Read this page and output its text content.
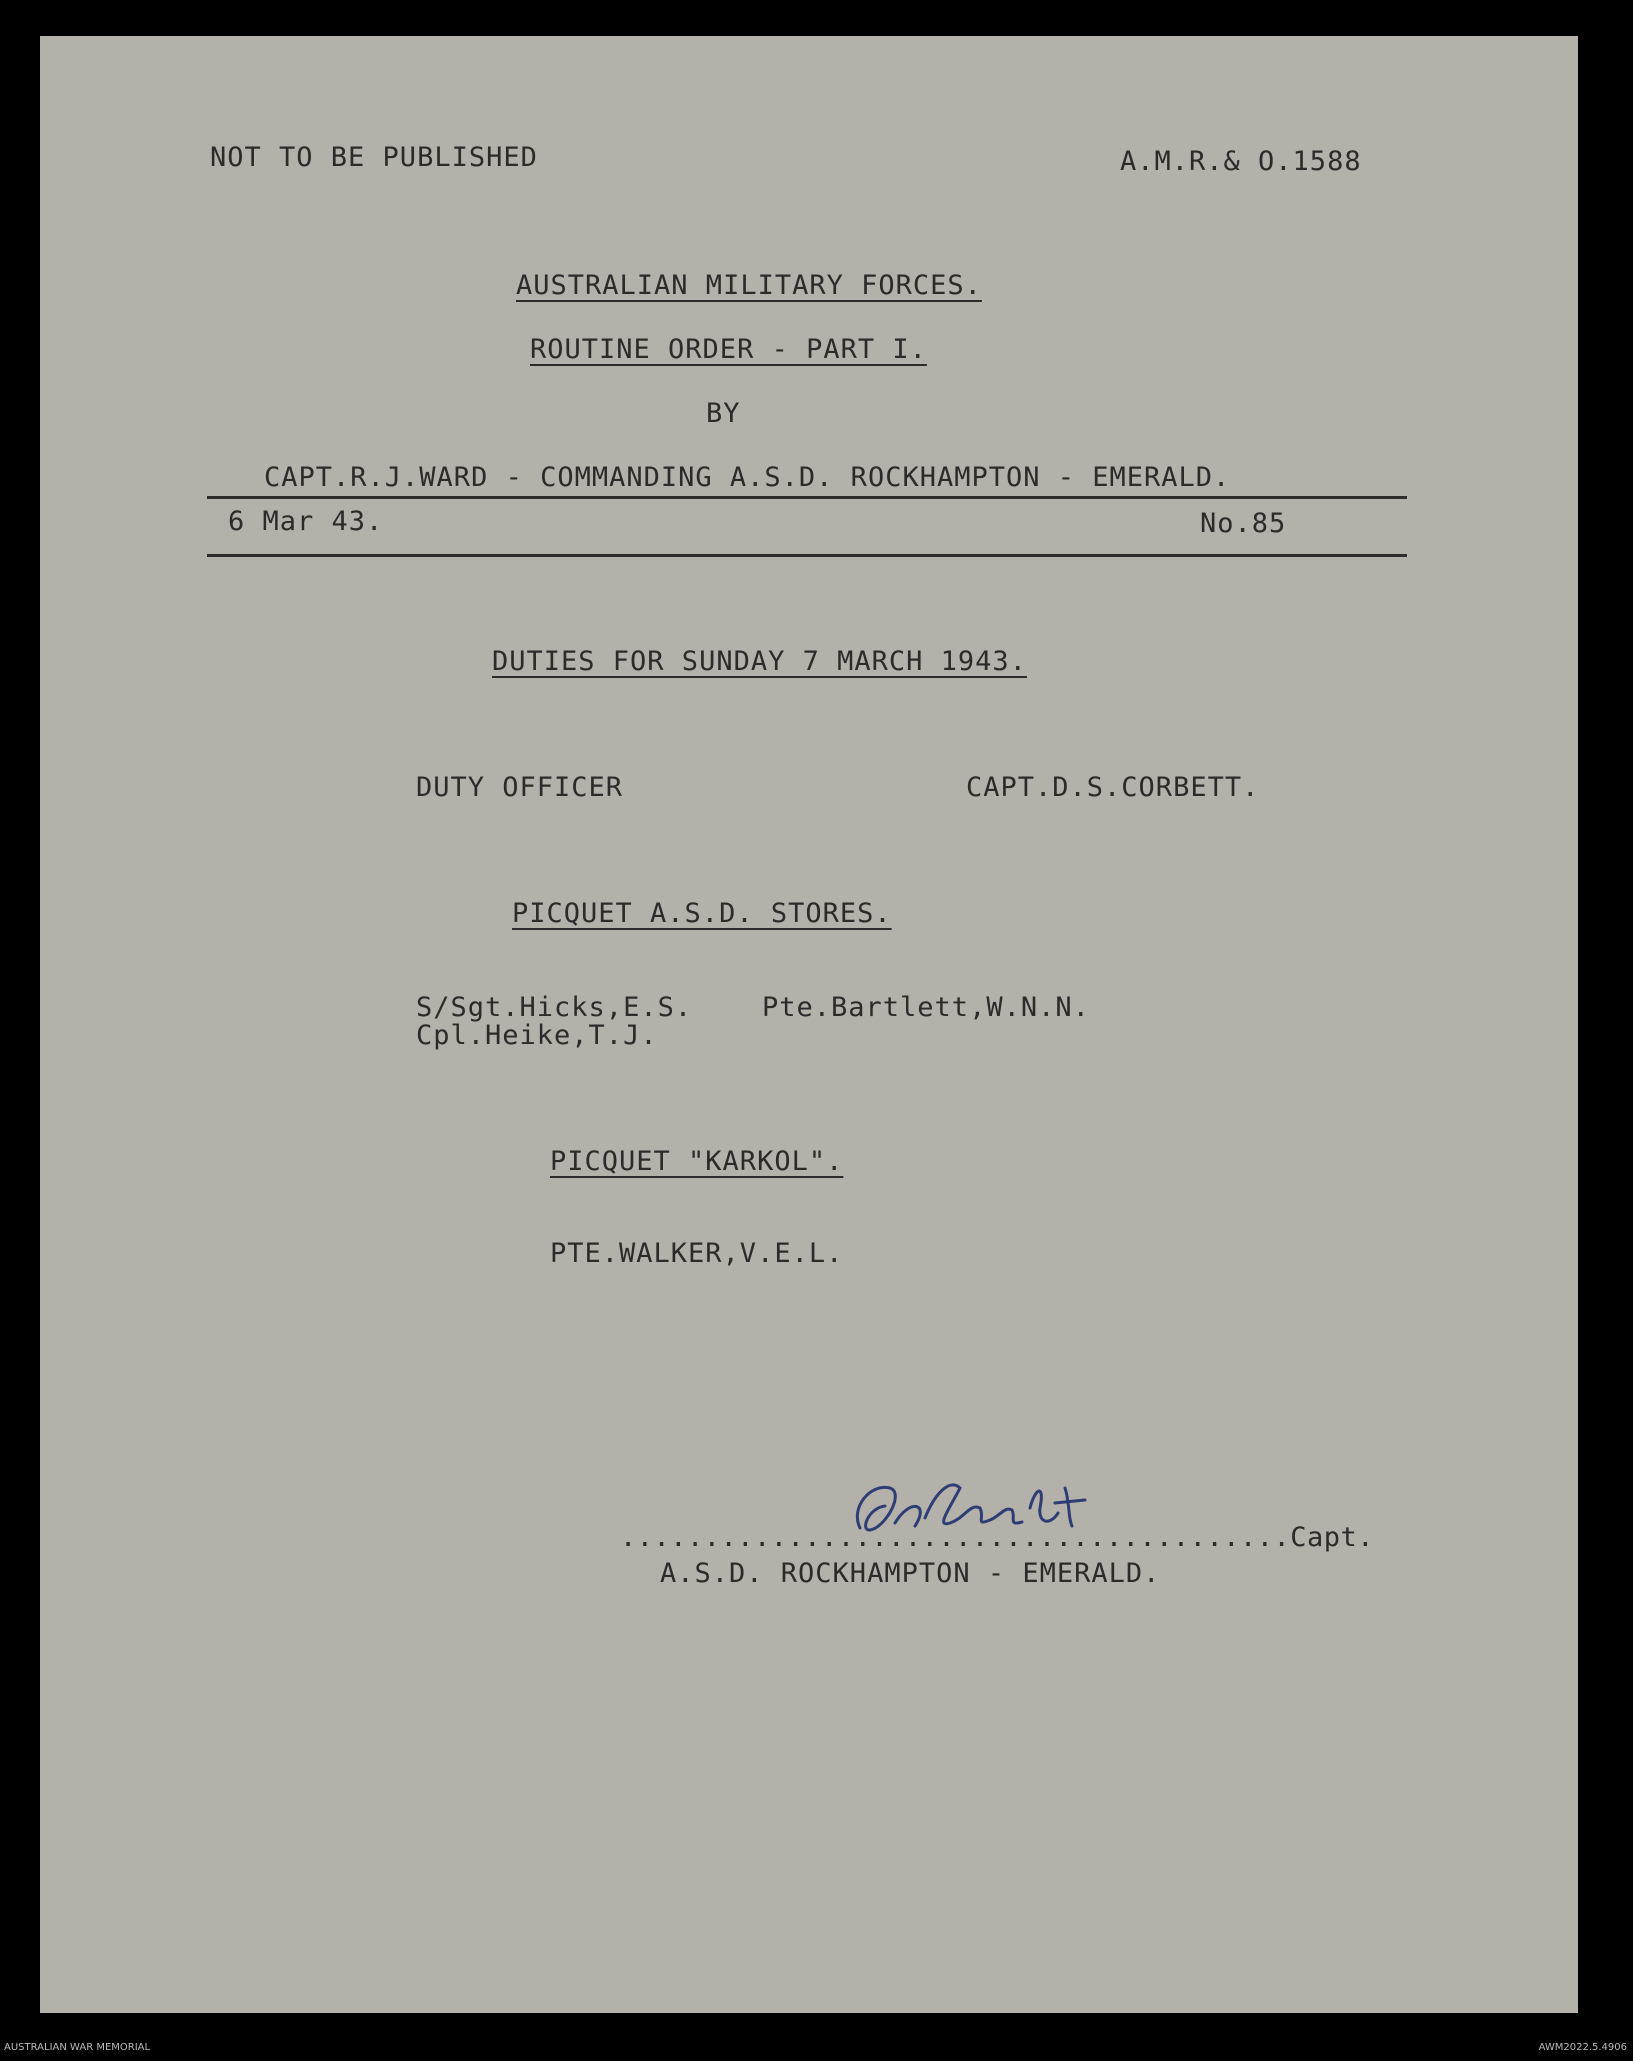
NOT TO BE PUBLISHED	A.M.R.& O.1588
AUSTRALIAN MILITARY FORCES.
ROUTINE ORDER - PART I.
BY
CAPT.R.J.WARD - COMMANDING A.S.D. ROCKHAMPTON - EMERALD.
6 Mar 43.	No.85
DUTIES FOR SUNDAY 7 MARCH 1943.
DUTY OFFICER	CAPT.D.S.CORBETT.
PICQUET A.S.D. STORES.
S/Sgt.Hicks,E.S.	Pte.Bartlett,W.N.N.
Cpl.Heike,T.J.
PICQUET "KARKOL".
PTE.WALKER,V.E.L.
........................................Capt.
A.S.D. ROCKHAMPTON - EMERALD.
AUSTRALIAN WAR MEMORIAL	AWM2022.5.4906
